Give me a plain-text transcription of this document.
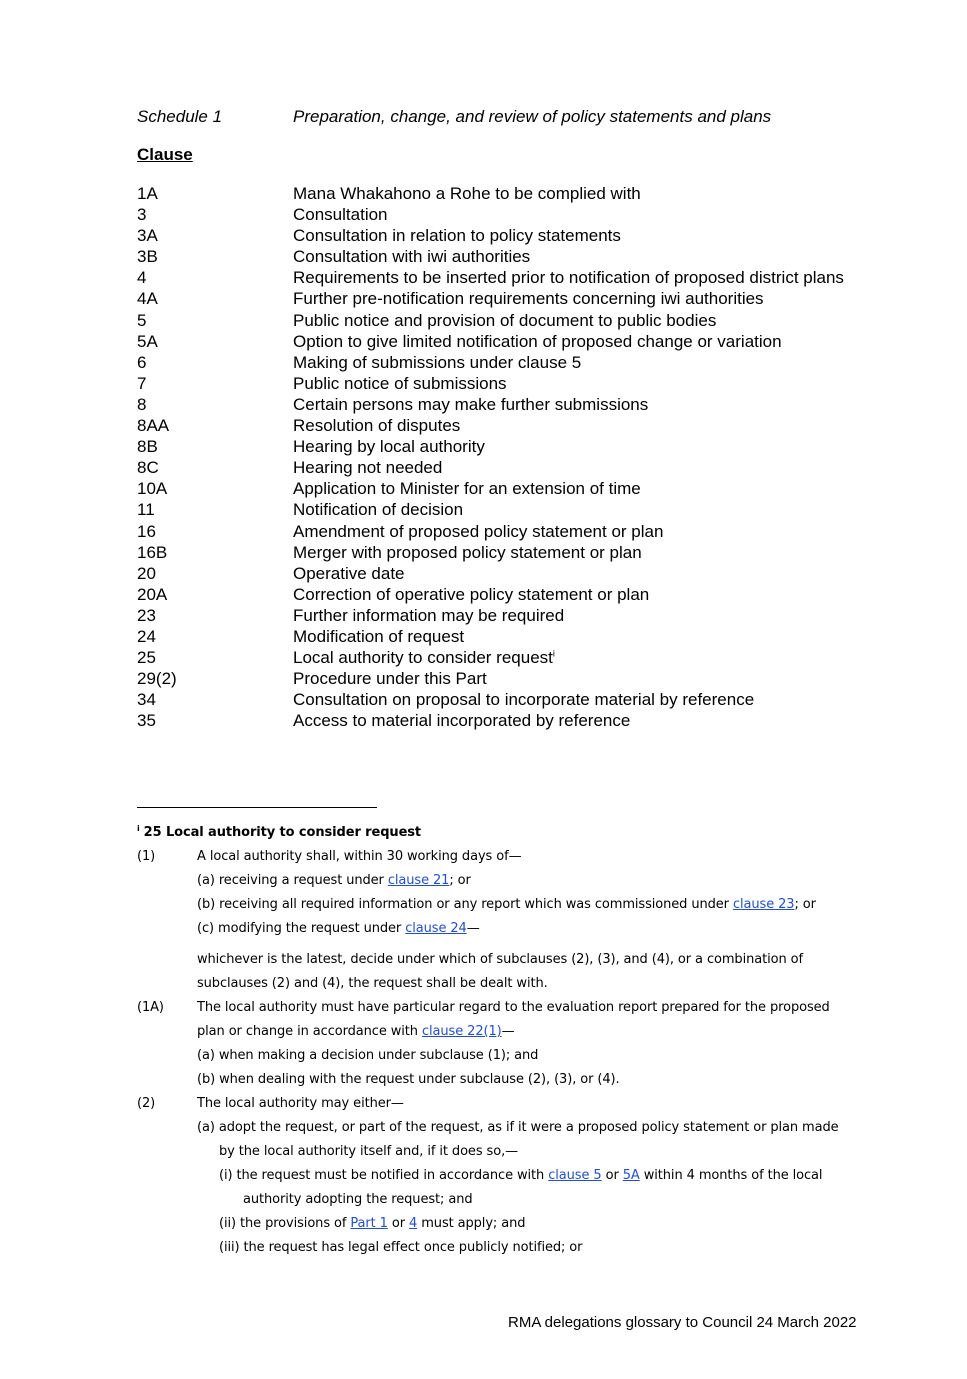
Schedule 1	Preparation, change, and review of policy statements and plans
Clause
1A	Mana Whakahono a Rohe to be complied with
3	Consultation
3A	Consultation in relation to policy statements
3B	Consultation with iwi authorities
4	Requirements to be inserted prior to notification of proposed district plans
4A	Further pre-notification requirements concerning iwi authorities
5	Public notice and provision of document to public bodies
5A	Option to give limited notification of proposed change or variation
6	Making of submissions under clause 5
7	Public notice of submissions
8	Certain persons may make further submissions
8AA	Resolution of disputes
8B	Hearing by local authority
8C	Hearing not needed
10A	Application to Minister for an extension of time
11	Notification of decision
16	Amendment of proposed policy statement or plan
16B	Merger with proposed policy statement or plan
20	Operative date
20A	Correction of operative policy statement or plan
23	Further information may be required
24	Modification of request
25	Local authority to consider request$^i$
29(2)	Procedure under this Part
34	Consultation on proposal to incorporate material by reference
35	Access to material incorporated by reference
$^i$ 25 Local authority to consider request
(1)	A local authority shall, within 30 working days of—
(a) receiving a request under clause 21; or
(b) receiving all required information or any report which was commissioned under clause 23; or
(c) modifying the request under clause 24—
whichever is the latest, decide under which of subclauses (2), (3), and (4), or a combination of
subclauses (2) and (4), the request shall be dealt with.
(1A)	The local authority must have particular regard to the evaluation report prepared for the proposed
plan or change in accordance with clause 22(1)—
(a) when making a decision under subclause (1); and
(b) when dealing with the request under subclause (2), (3), or (4).
(2)	The local authority may either—
(a) adopt the request, or part of the request, as if it were a proposed policy statement or plan made
by the local authority itself and, if it does so,—
(i) the request must be notified in accordance with clause 5 or 5A within 4 months of the local
authority adopting the request; and
(ii) the provisions of Part 1 or 4 must apply; and
(iii) the request has legal effect once publicly notified; or
RMA delegations glossary to Council 24 March 2022
